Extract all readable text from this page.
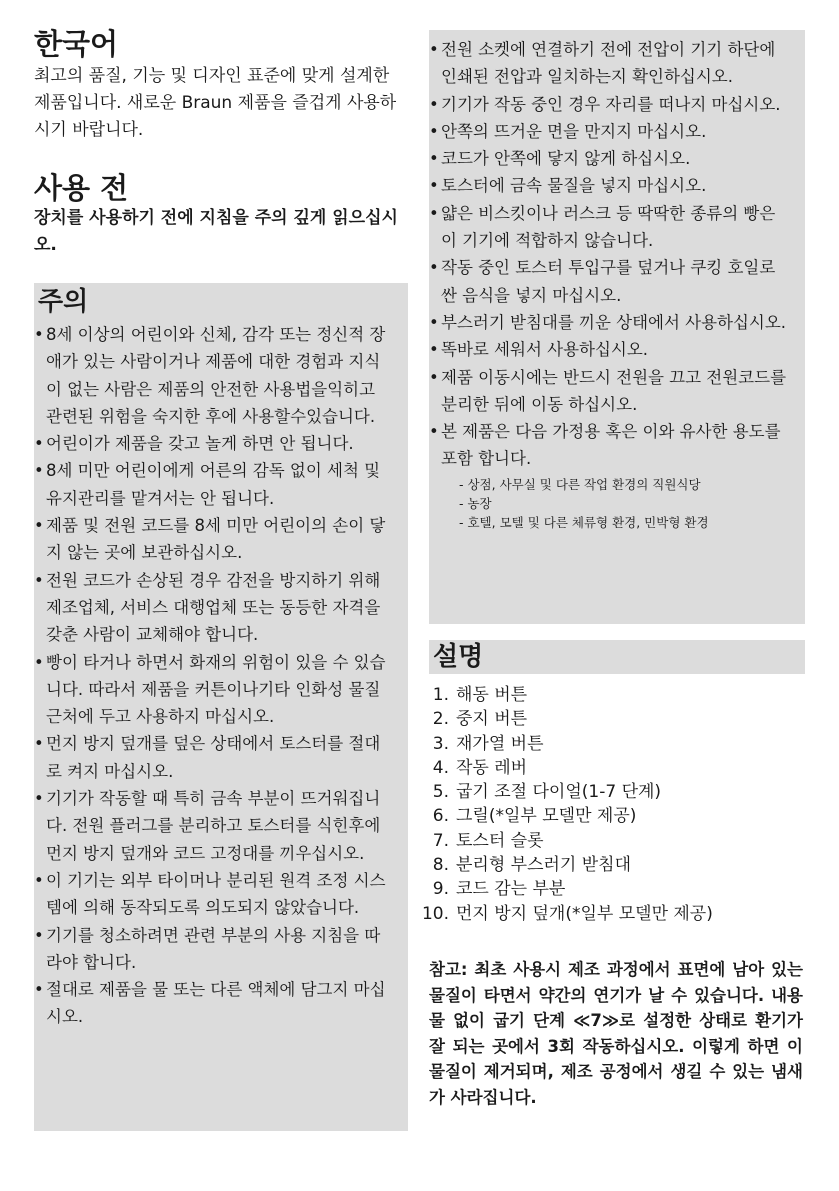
한국어

최고의 품질, 기능 및 디자인 표준에 맞게 설계한 제품입니다. 새로운 Braun 제품을 즐겁게 사용하시기 바랍니다.

사용 전

장치를 사용하기 전에 지침을 주의 깊게 읽으십시오.

주의
• 8세 이상의 어린이와 신체, 감각 또는 정신적 장애가 있는 사람이거나 제품에 대한 경험과 지식이 없는 사람은 제품의 안전한 사용법을익히고 관련된 위험을 숙지한 후에 사용할수있습니다.
• 어린이가 제품을 갖고 놀게 하면 안 됩니다.
• 8세 미만 어린이에게 어른의 감독 없이 세척 및 유지관리를 맡겨서는 안 됩니다.
• 제품 및 전원 코드를 8세 미만 어린이의 손이 닿지 않는 곳에 보관하십시오.
• 전원 코드가 손상된 경우 감전을 방지하기 위해 제조업체, 서비스 대행업체 또는 동등한 자격을 갖춘 사람이 교체해야 합니다.
• 빵이 타거나 하면서 화재의 위험이 있을 수 있습니다. 따라서 제품을 커튼이나기타 인화성 물질 근처에 두고 사용하지 마십시오.
• 먼지 방지 덮개를 덮은 상태에서 토스터를 절대로 켜지 마십시오.
• 기기가 작동할 때 특히 금속 부분이 뜨거워집니다. 전원 플러그를 분리하고 토스터를 식힌후에 먼지 방지 덮개와 코드 고정대를 끼우십시오.
• 이 기기는 외부 타이머나 분리된 원격 조정 시스템에 의해 동작되도록 의도되지 않았습니다.
• 기기를 청소하려면 관련 부분의 사용 지침을 따라야 합니다.
• 절대로 제품을 물 또는 다른 액체에 담그지 마십시오.
• 전원 소켓에 연결하기 전에 전압이 기기 하단에 인쇄된 전압과 일치하는지 확인하십시오.
• 기기가 작동 중인 경우 자리를 떠나지 마십시오.
• 안쪽의 뜨거운 면을 만지지 마십시오.
• 코드가 안쪽에 닿지 않게 하십시오.
• 토스터에 금속 물질을 넣지 마십시오.
• 얇은 비스킷이나 러스크 등 딱딱한 종류의 빵은 이 기기에 적합하지 않습니다.
• 작동 중인 토스터 투입구를 덮거나 쿠킹 호일로 싼 음식을 넣지 마십시오.
• 부스러기 받침대를 끼운 상태에서 사용하십시오.
• 똑바로 세워서 사용하십시오.
• 제품 이동시에는 반드시 전원을 끄고 전원코드를 분리한 뒤에 이동 하십시오.
• 본 제품은 다음 가정용 혹은 이와 유사한 용도를 포함 합니다.
- 상점, 사무실 및 다른 작업 환경의 직원식당
- 농장
- 호텔, 모텔 및 다른 체류형 환경, 민박형 환경
설명
1. 해동 버튼
2. 중지 버튼
3. 재가열 버튼
4. 작동 레버
5. 굽기 조절 다이얼(1-7 단계)
6. 그릴(*일부 모델만 제공)
7. 토스터 슬롯
8. 분리형 부스러기 받침대
9. 코드 감는 부분
10. 먼지 방지 덮개(*일부 모델만 제공)

참고: 최초 사용시 제조 과정에서 표면에 남아 있는 물질이 타면서 약간의 연기가 날 수 있습니다. 내용물 없이 굽기 단계 ≪7≫로 설정한 상태로 환기가 잘 되는 곳에서 3회 작동하십시오. 이렇게 하면 이물질이 제거되며, 제조 공정에서 생길 수 있는 냄새가 사라집니다.
